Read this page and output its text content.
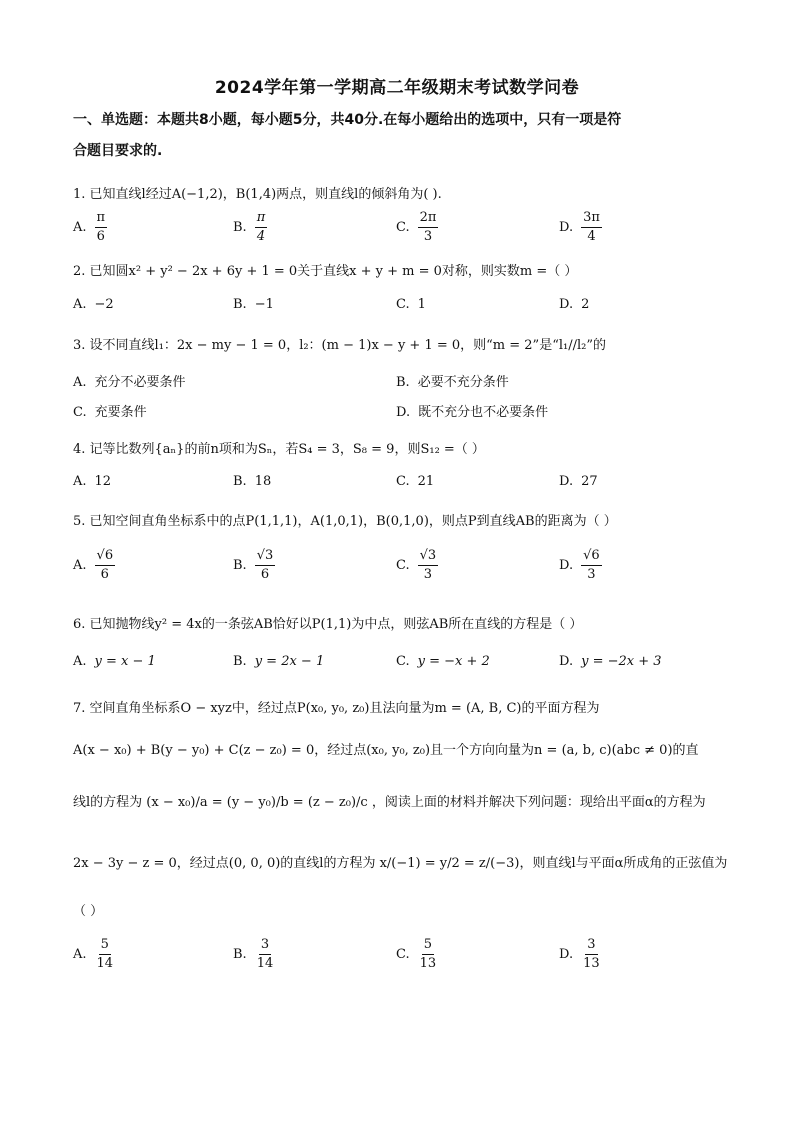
2024学年第一学期高二年级期末考试数学问卷
一、单选题：本题共8小题，每小题5分，共40分.在每小题给出的选项中，只有一项是符
合题目要求的.
1. 已知直线l经过A(−1,2)，B(1,4)两点，则直线l的倾斜角为( ).
A. $\frac{\pi}{6}$	B. $\frac{\pi}{4}$	C. $\frac{2\pi}{3}$	D. $\frac{3\pi}{4}$
2. 已知圆x² + y² − 2x + 6y + 1 = 0关于直线x + y + m = 0对称，则实数m =（ ）
A. −2	B. −1	C. 1	D. 2
3. 设不同直线l₁：2x − my − 1 = 0，l₂：(m − 1)x − y + 1 = 0，则“m = 2”是“l₁//l₂”的
A. 充分不必要条件	B. 必要不充分条件
C. 充要条件	D. 既不充分也不必要条件
4. 记等比数列{aₙ}的前n项和为Sₙ，若S₄ = 3，S₈ = 9，则S₁₂ =（ ）
A. 12	B. 18	C. 21	D. 27
5. 已知空间直角坐标系中的点P(1,1,1)，A(1,0,1)，B(0,1,0)，则点P到直线AB的距离为（ ）
A. $\frac{√6}{6}$	B. $\frac{√3}{6}$	C. $\frac{√3}{3}$	D. $\frac{√6}{3}$
6. 已知抛物线y² = 4x的一条弦AB恰好以P(1,1)为中点，则弦AB所在直线的方程是（ ）
A. y = x − 1	B. y = 2x − 1	C. y = −x + 2	D. y = −2x + 3
7. 空间直角坐标系O − xyz中，经过点P(x₀, y₀, z₀)且法向量为m = (A, B, C)的平面方程为
A(x − x₀) + B(y − y₀) + C(z − z₀) = 0，经过点(x₀, y₀, z₀)且一个方向向量为n = (a, b, c)(abc ≠ 0)的直
线l的方程为 (x − x₀)/a = (y − y₀)/b = (z − z₀)/c ，阅读上面的材料并解决下列问题：现给出平面α的方程为
2x − 3y − z = 0，经过点(0, 0, 0)的直线l的方程为 x/(−1) = y/2 = z/(−3)，则直线l与平面α所成角的正弦值为
（ ）
A. $\frac{5}{14}$	B. $\frac{3}{14}$	C. $\frac{5}{13}$	D. $\frac{3}{13}$
